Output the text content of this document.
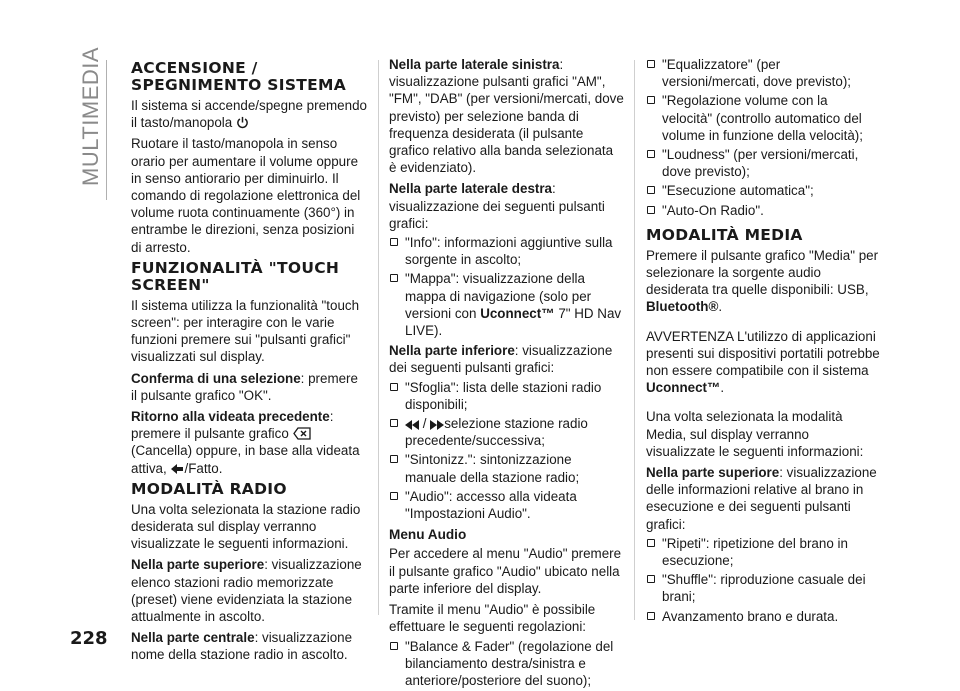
MULTIMEDIA
228
ACCENSIONE / SPEGNIMENTO SISTEMA

Il sistema si accende/spegne premendo il tasto/manopola

Ruotare il tasto/manopola in senso orario per aumentare il volume oppure in senso antiorario per diminuirlo. Il comando di regolazione elettronica del volume ruota continuamente (360°) in entrambe le direzioni, senza posizioni di arresto.

FUNZIONALITÀ "TOUCH SCREEN"

Il sistema utilizza la funzionalità "touch screen": per interagire con le varie funzioni premere sui "pulsanti grafici" visualizzati sul display.

Conferma di una selezione: premere il pulsante grafico "OK".

Ritorno alla videata precedente:

premere il pulsante grafico
(Cancella) oppure, in base alla videata attiva, /Fatto.

MODALITÀ RADIO

Una volta selezionata la stazione radio desiderata sul display verranno visualizzate le seguenti informazioni.

Nella parte superiore: visualizzazione elenco stazioni radio memorizzate (preset) viene evidenziata la stazione attualmente in ascolto.

Nella parte centrale: visualizzazione nome della stazione radio in ascolto.

Nella parte laterale sinistra: visualizzazione pulsanti grafici "AM", "FM", "DAB" (per versioni/mercati, dove previsto) per selezione banda di frequenza desiderata (il pulsante grafico relativo alla banda selezionata è evidenziato).

Nella parte laterale destra: visualizzazione dei seguenti pulsanti grafici:

"Info": informazioni aggiuntive sulla sorgente in ascolto;
"Mappa": visualizzazione della mappa di navigazione (solo per versioni con Uconnect™ 7" HD Nav LIVE).

Nella parte inferiore: visualizzazione dei seguenti pulsanti grafici:

"Sfoglia": lista delle stazioni radio disponibili;
/ selezione stazione radio precedente/successiva;
"Sintonizz.": sintonizzazione manuale della stazione radio;
"Audio": accesso alla videata "Impostazioni Audio".
Menu Audio

Per accedere al menu "Audio" premere il pulsante grafico "Audio" ubicato nella parte inferiore del display.

Tramite il menu "Audio" è possibile effettuare le seguenti regolazioni:

"Balance & Fader" (regolazione del bilanciamento destra/sinistra e anteriore/posteriore del suono);
"Equalizzatore" (per versioni/mercati, dove previsto);
"Regolazione volume con la velocità" (controllo automatico del volume in funzione della velocità);
"Loudness" (per versioni/mercati, dove previsto);
"Esecuzione automatica";
"Auto-On Radio".
MODALITÀ MEDIA

Premere il pulsante grafico "Media" per selezionare la sorgente audio desiderata tra quelle disponibili: USB, Bluetooth®.

AVVERTENZA L'utilizzo di applicazioni presenti sui dispositivi portatili potrebbe non essere compatibile con il sistema Uconnect™.

Una volta selezionata la modalità Media, sul display verranno visualizzate le seguenti informazioni:

Nella parte superiore: visualizzazione delle informazioni relative al brano in esecuzione e dei seguenti pulsanti grafici:

"Ripeti": ripetizione del brano in esecuzione;
"Shuffle": riproduzione casuale dei brani;
Avanzamento brano e durata.
